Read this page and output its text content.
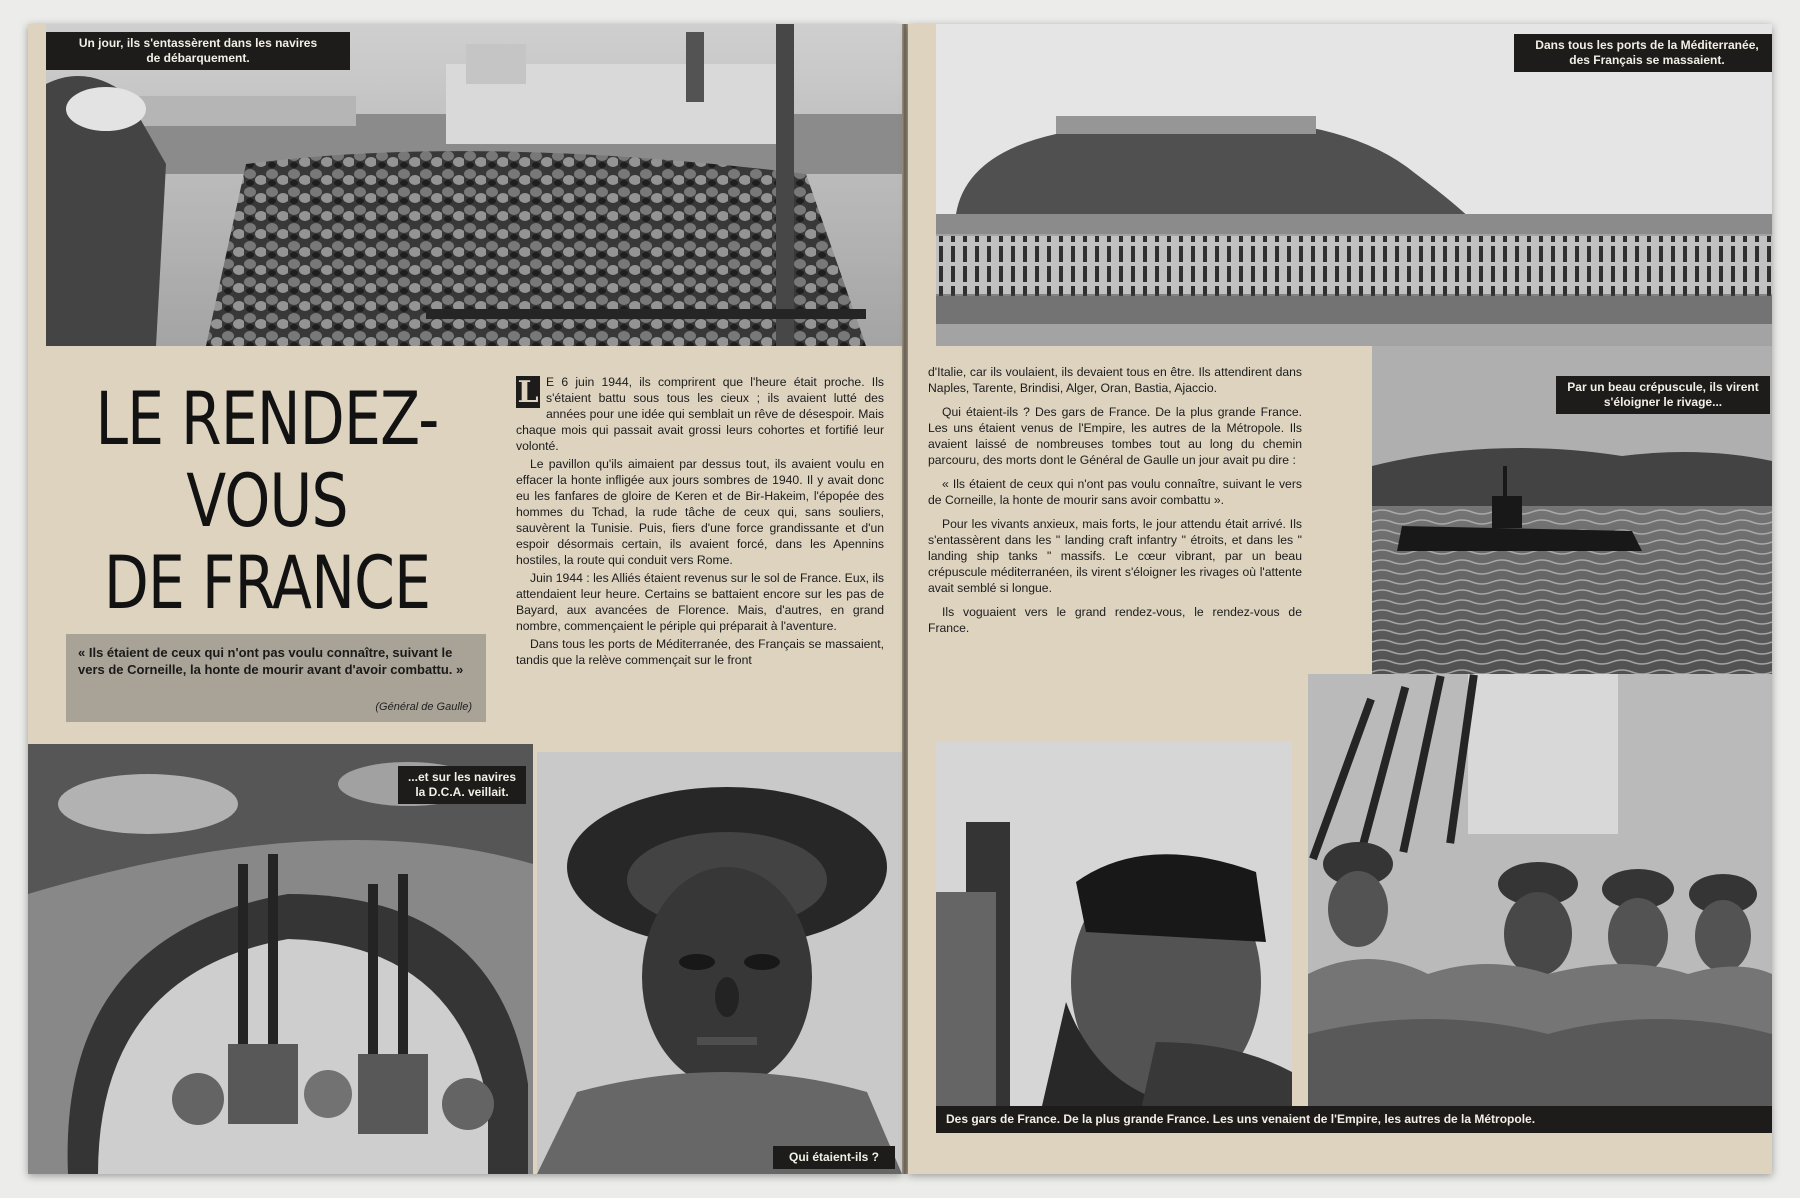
Un jour, ils s'entassèrent dans les navires
de débarquement.
LE RENDEZ-VOUS
DE FRANCE

« Ils étaient de ceux qui n'ont pas voulu connaître, suivant le vers de Corneille, la honte de mourir avant d'avoir combattu. »

(Général de Gaulle)

L E 6 juin 1944, ils comprirent que l'heure était proche. Ils s'étaient battu sous tous les cieux ; ils avaient lutté des années pour une idée qui semblait un rêve de désespoir. Mais chaque mois qui passait avait grossi leurs cohortes et fortifié leur volonté.

Le pavillon qu'ils aimaient par dessus tout, ils avaient voulu en effacer la honte infligée aux jours sombres de 1940. Il y avait donc eu les fanfares de gloire de Keren et de Bir-Hakeim, l'épopée des hommes du Tchad, la rude tâche de ceux qui, sans souliers, sauvèrent la Tunisie. Puis, fiers d'une force grandissante et d'un espoir désormais certain, ils avaient forcé, dans les Apennins hostiles, la route qui conduit vers Rome.

Juin 1944 : les Alliés étaient revenus sur le sol de France. Eux, ils attendaient leur heure. Certains se battaient encore sur les pas de Bayard, aux avancées de Florence. Mais, d'autres, en grand nombre, commençaient le périple qui préparait à l'aventure.

Dans tous les ports de Méditerranée, des Français se massaient, tandis que la relève commençait sur le front

...et sur les navires
la D.C.A. veillait.
Qui étaient-ils ?
Dans tous les ports de la Méditerranée,
des Français se massaient.

d'Italie, car ils voulaient, ils devaient tous en être. Ils attendirent dans Naples, Tarente, Brindisi, Alger, Oran, Bastia, Ajaccio.

Qui étaient-ils ? Des gars de France. De la plus grande France. Les uns étaient venus de l'Empire, les autres de la Métropole. Ils avaient laissé de nombreuses tombes tout au long du chemin parcouru, des morts dont le Général de Gaulle un jour avait pu dire :

« Ils étaient de ceux qui n'ont pas voulu connaître, suivant le vers de Corneille, la honte de mourir sans avoir combattu ».

Pour les vivants anxieux, mais forts, le jour attendu était arrivé. Ils s'entassèrent dans les " landing craft infantry " étroits, et dans les " landing ship tanks " massifs. Le cœur vibrant, par un beau crépuscule méditerranéen, ils virent s'éloigner les rivages où l'attente avait semblé si longue.

Ils voguaient vers le grand rendez-vous, le rendez-vous de France.

Par un beau crépuscule, ils virent
s'éloigner le rivage...
Des gars de France. De la plus grande France. Les uns venaient de l'Empire, les autres de la Métropole.
